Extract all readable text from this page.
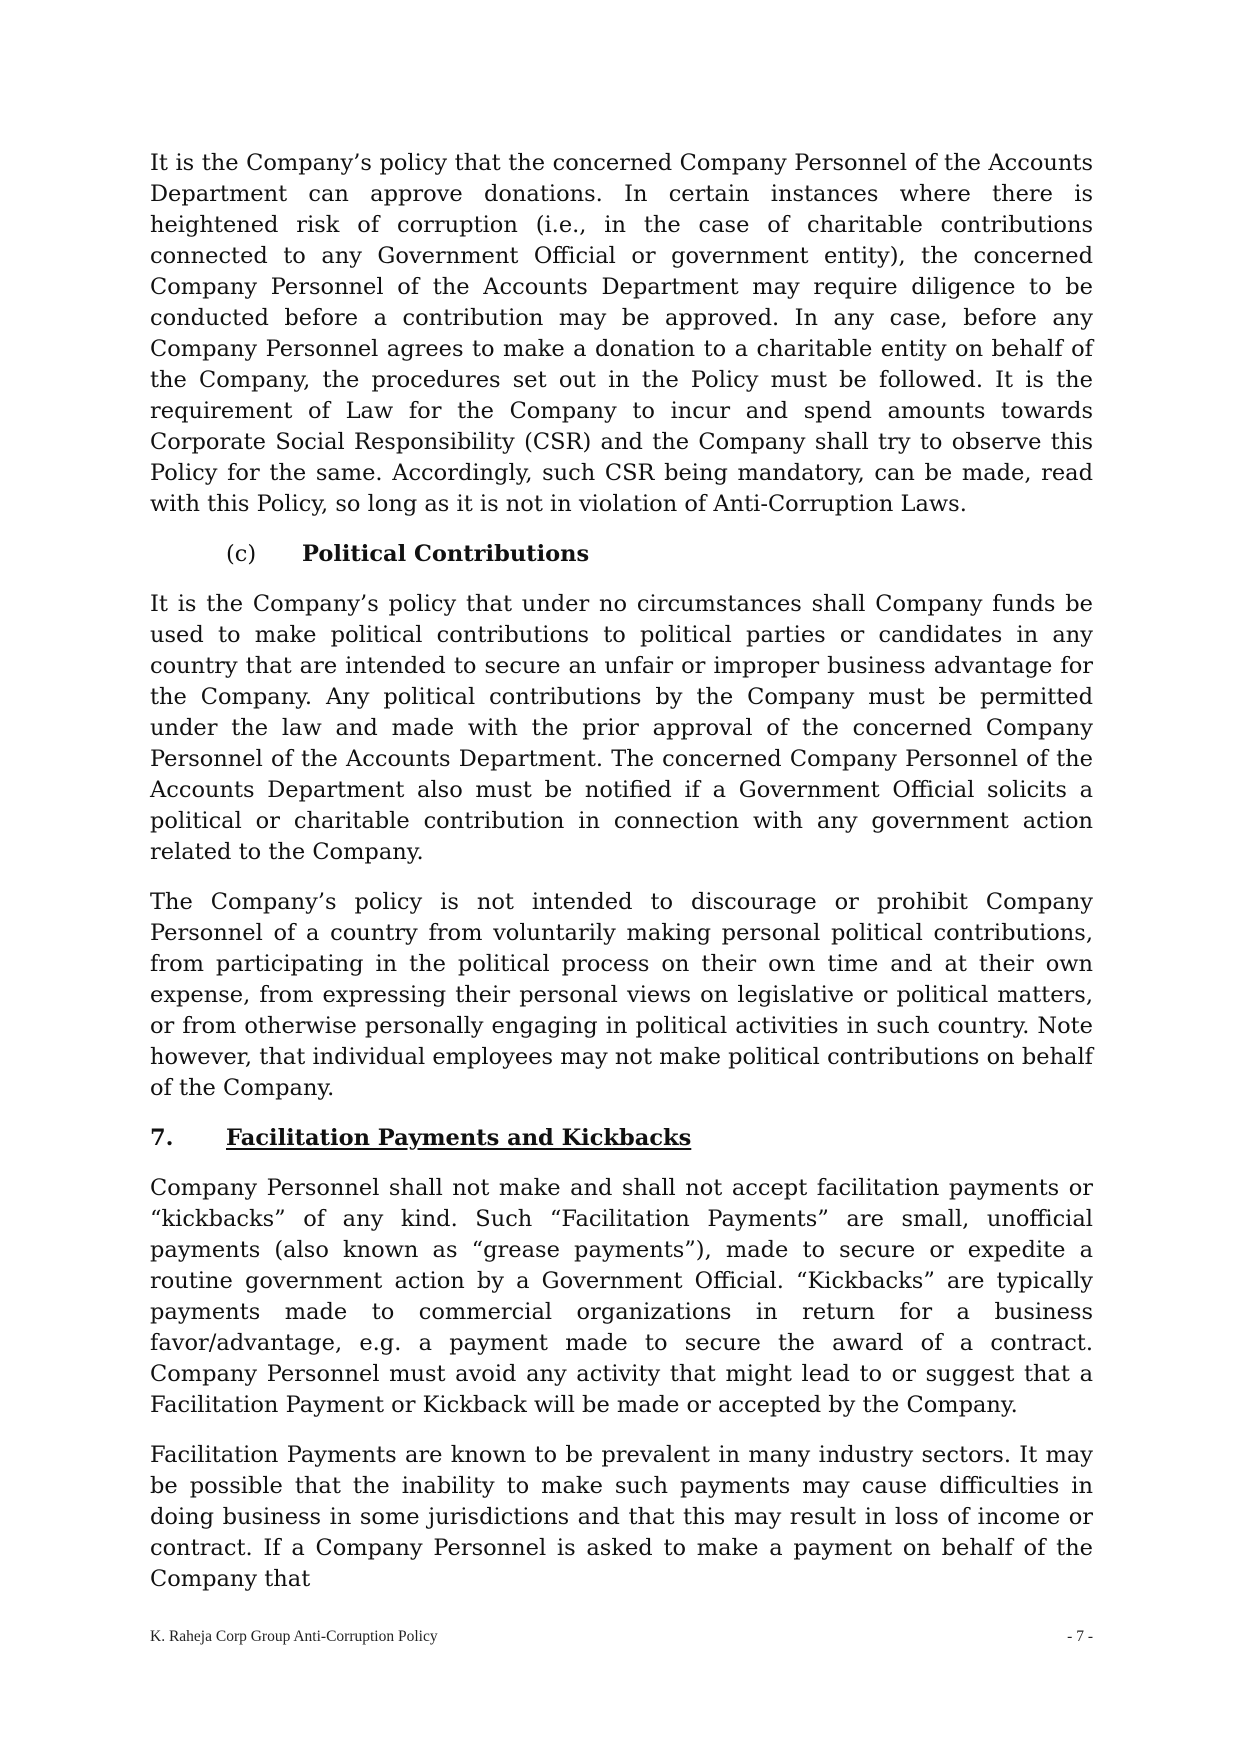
It is the Company’s policy that the concerned Company Personnel of the Accounts Department can approve donations. In certain instances where there is heightened risk of corruption (i.e., in the case of charitable contributions connected to any Government Official or government entity), the concerned Company Personnel of the Accounts Department may require diligence to be conducted before a contribution may be approved. In any case, before any Company Personnel agrees to make a donation to a charitable entity on behalf of the Company, the procedures set out in the Policy must be followed. It is the requirement of Law for the Company to incur and spend amounts towards Corporate Social Responsibility (CSR) and the Company shall try to observe this Policy for the same. Accordingly, such CSR being mandatory, can be made, read with this Policy, so long as it is not in violation of Anti-Corruption Laws.

(c)	Political Contributions

It is the Company’s policy that under no circumstances shall Company funds be used to make political contributions to political parties or candidates in any country that are intended to secure an unfair or improper business advantage for the Company. Any political contributions by the Company must be permitted under the law and made with the prior approval of the concerned Company Personnel of the Accounts Department. The concerned Company Personnel of the Accounts Department also must be notified if a Government Official solicits a political or charitable contribution in connection with any government action related to the Company.

The Company’s policy is not intended to discourage or prohibit Company Personnel of a country from voluntarily making personal political contributions, from participating in the political process on their own time and at their own expense, from expressing their personal views on legislative or political matters, or from otherwise personally engaging in political activities in such country. Note however, that individual employees may not make political contributions on behalf of the Company.

7.	Facilitation Payments and Kickbacks

Company Personnel shall not make and shall not accept facilitation payments or “kickbacks” of any kind. Such “Facilitation Payments” are small, unofficial payments (also known as “grease payments”), made to secure or expedite a routine government action by a Government Official. “Kickbacks” are typically payments made to commercial organizations in return for a business favor/advantage, e.g. a payment made to secure the award of a contract. Company Personnel must avoid any activity that might lead to or suggest that a Facilitation Payment or Kickback will be made or accepted by the Company.

Facilitation Payments are known to be prevalent in many industry sectors. It may be possible that the inability to make such payments may cause difficulties in doing business in some jurisdictions and that this may result in loss of income or contract. If a Company Personnel is asked to make a payment on behalf of the Company that

K. Raheja Corp Group Anti-Corruption Policy	- 7 -
